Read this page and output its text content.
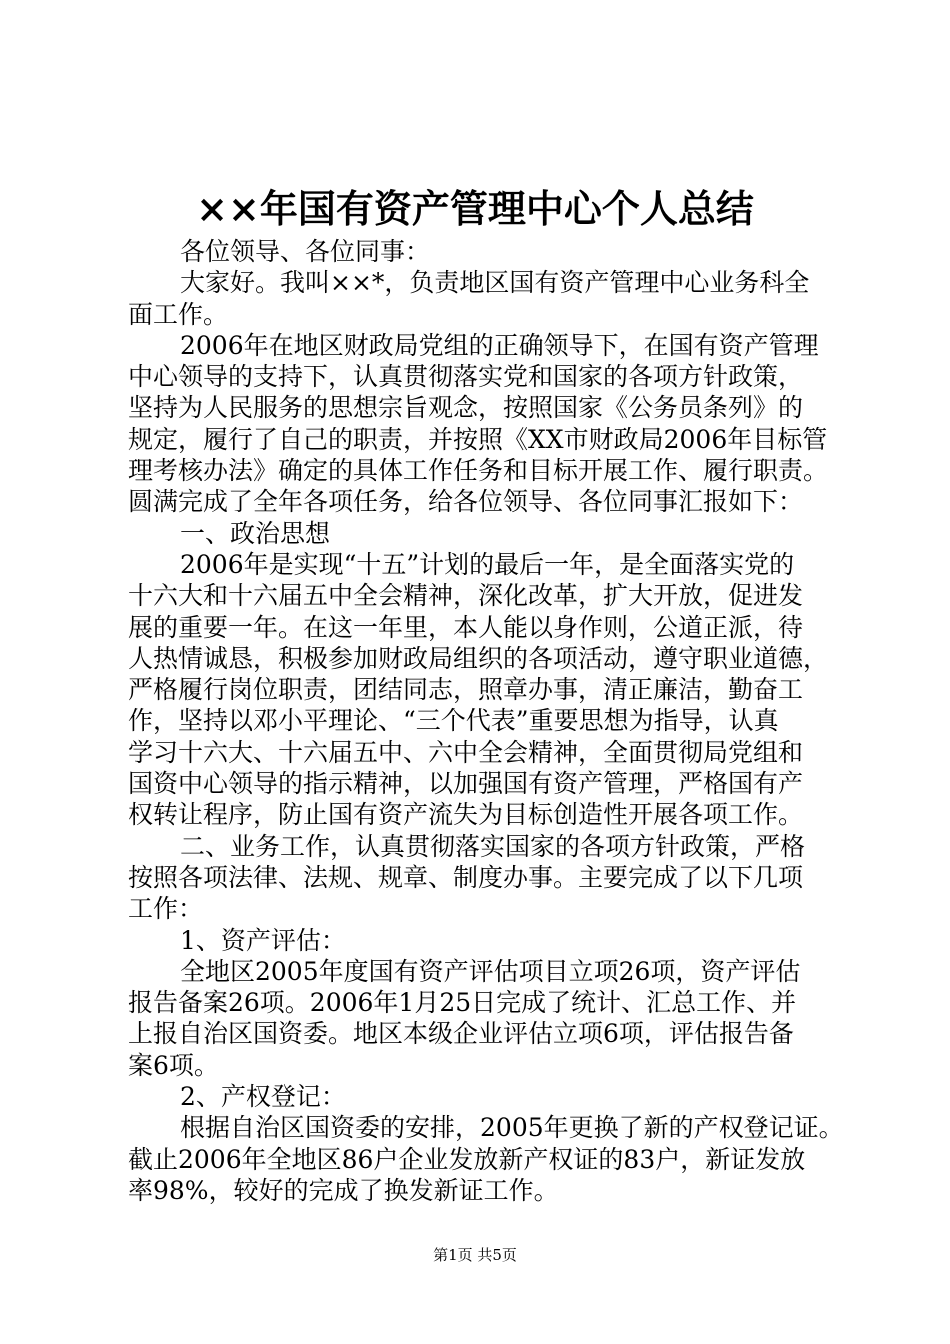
××年国有资产管理中心个人总结
各位领导、各位同事：
大家好。我叫××*，负责地区国有资产管理中心业务科全
面工作。
2006年在地区财政局党组的正确领导下，在国有资产管理
中心领导的支持下，认真贯彻落实党和国家的各项方针政策，
坚持为人民服务的思想宗旨观念，按照国家《公务员条列》的
规定，履行了自己的职责，并按照《XX市财政局2006年目标管
理考核办法》确定的具体工作任务和目标开展工作、履行职责。
圆满完成了全年各项任务，给各位领导、各位同事汇报如下：
一、政治思想
2006年是实现“十五”计划的最后一年，是全面落实党的
十六大和十六届五中全会精神，深化改革，扩大开放，促进发
展的重要一年。在这一年里，本人能以身作则，公道正派，待
人热情诚恳，积极参加财政局组织的各项活动，遵守职业道德，
严格履行岗位职责，团结同志，照章办事，清正廉洁，勤奋工
作，坚持以邓小平理论、“三个代表”重要思想为指导，认真
学习十六大、十六届五中、六中全会精神，全面贯彻局党组和
国资中心领导的指示精神，以加强国有资产管理，严格国有产
权转让程序，防止国有资产流失为目标创造性开展各项工作。
二、业务工作，认真贯彻落实国家的各项方针政策，严格
按照各项法律、法规、规章、制度办事。主要完成了以下几项
工作：
1、资产评估：
全地区2005年度国有资产评估项目立项26项，资产评估
报告备案26项。2006年1月25日完成了统计、汇总工作、并
上报自治区国资委。地区本级企业评估立项6项，评估报告备
案6项。
2、产权登记：
根据自治区国资委的安排，2005年更换了新的产权登记证。
截止2006年全地区86户企业发放新产权证的83户，新证发放
率98%，较好的完成了换发新证工作。
第1页 共5页
